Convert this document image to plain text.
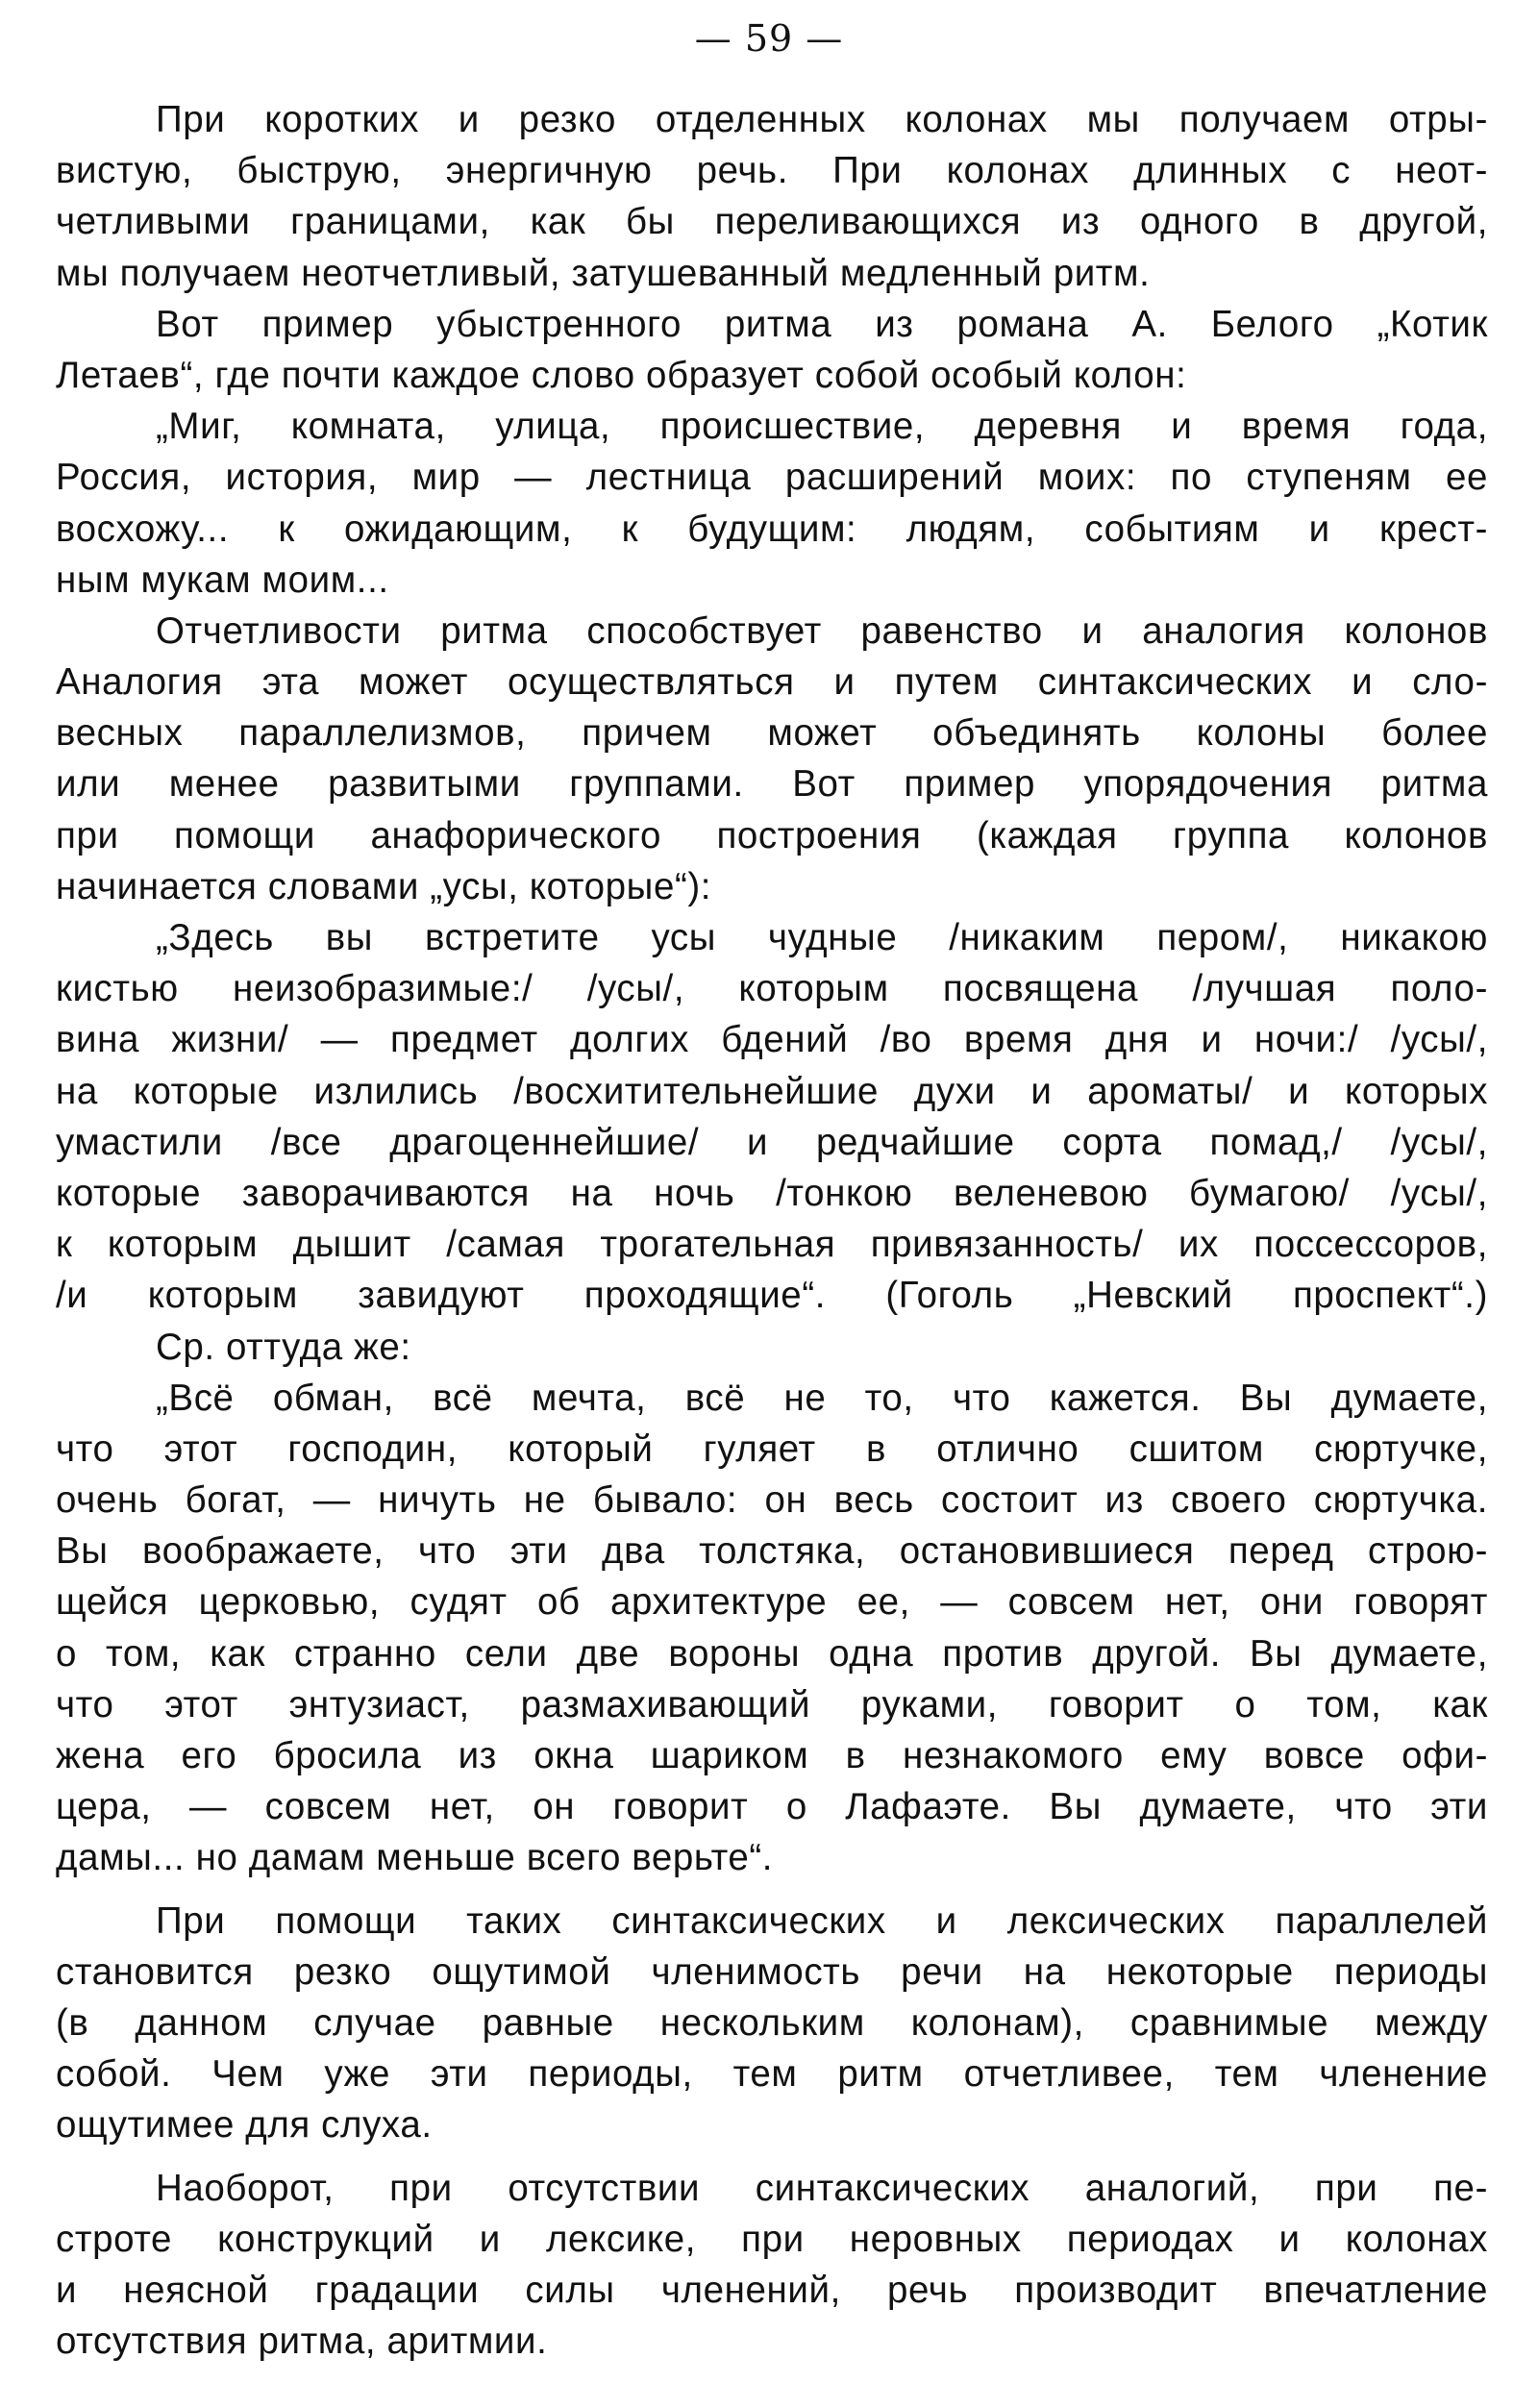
— 59 —
При коротких и резко отделенных колонах мы получаем отры-
вистую, быструю, энергичную речь. При колонах длинных с неот-
четливыми границами, как бы переливающихся из одного в другой,
мы получаем неотчетливый, затушеванный медленный ритм.
Вот пример убыстренного ритма из романа А. Белого „Котик
Летаев“, где почти каждое слово образует собой особый колон:
„Миг, комната, улица, происшествие, деревня и время года,
Россия, история, мир — лестница расширений моих: по ступеням ее
восхожу... к ожидающим, к будущим: людям, событиям и крест-
ным мукам моим...
Отчетливости ритма способствует равенство и аналогия колонов
Аналогия эта может осуществляться и путем синтаксических и сло-
весных параллелизмов, причем может объединять колоны более
или менее развитыми группами. Вот пример упорядочения ритма
при помощи анафорического построения (каждая группа колонов
начинается словами „усы, которые“):
„Здесь вы встретите усы чудные /никаким пером/, никакою
кистью неизобразимые:/ /усы/, которым посвящена /лучшая поло-
вина жизни/ — предмет долгих бдений /во время дня и ночи:/ /усы/,
на которые излились /восхитительнейшие духи и ароматы/ и которых
умастили /все драгоценнейшие/ и редчайшие сорта помад,/ /усы/,
которые заворачиваются на ночь /тонкою веленевою бумагою/ /усы/,
к которым дышит /самая трогательная привязанность/ их поссессоров,
/и которым завидуют проходящие“. (Гоголь „Невский проспект“.)
Ср. оттуда же:
„Всё обман, всё мечта, всё не то, что кажется. Вы думаете,
что этот господин, который гуляет в отлично сшитом сюртучке,
очень богат, — ничуть не бывало: он весь состоит из своего сюртучка.
Вы воображаете, что эти два толстяка, остановившиеся перед строю-
щейся церковью, судят об архитектуре ее, — совсем нет, они говорят
о том, как странно сели две вороны одна против другой. Вы думаете,
что этот энтузиаст, размахивающий руками, говорит о том, как
жена его бросила из окна шариком в незнакомого ему вовсе офи-
цера, — совсем нет, он говорит о Лафаэте. Вы думаете, что эти
дамы... но дамам меньше всего верьте“.
При помощи таких синтаксических и лексических параллелей
становится резко ощутимой членимость речи на некоторые периоды
(в данном случае равные нескольким колонам), сравнимые между
собой. Чем уже эти периоды, тем ритм отчетливее, тем членение
ощутимее для слуха.
Наоборот, при отсутствии синтаксических аналогий, при пе-
строте конструкций и лексике, при неровных периодах и колонах
и неясной градации силы членений, речь производит впечатление
отсутствия ритма, аритмии.
